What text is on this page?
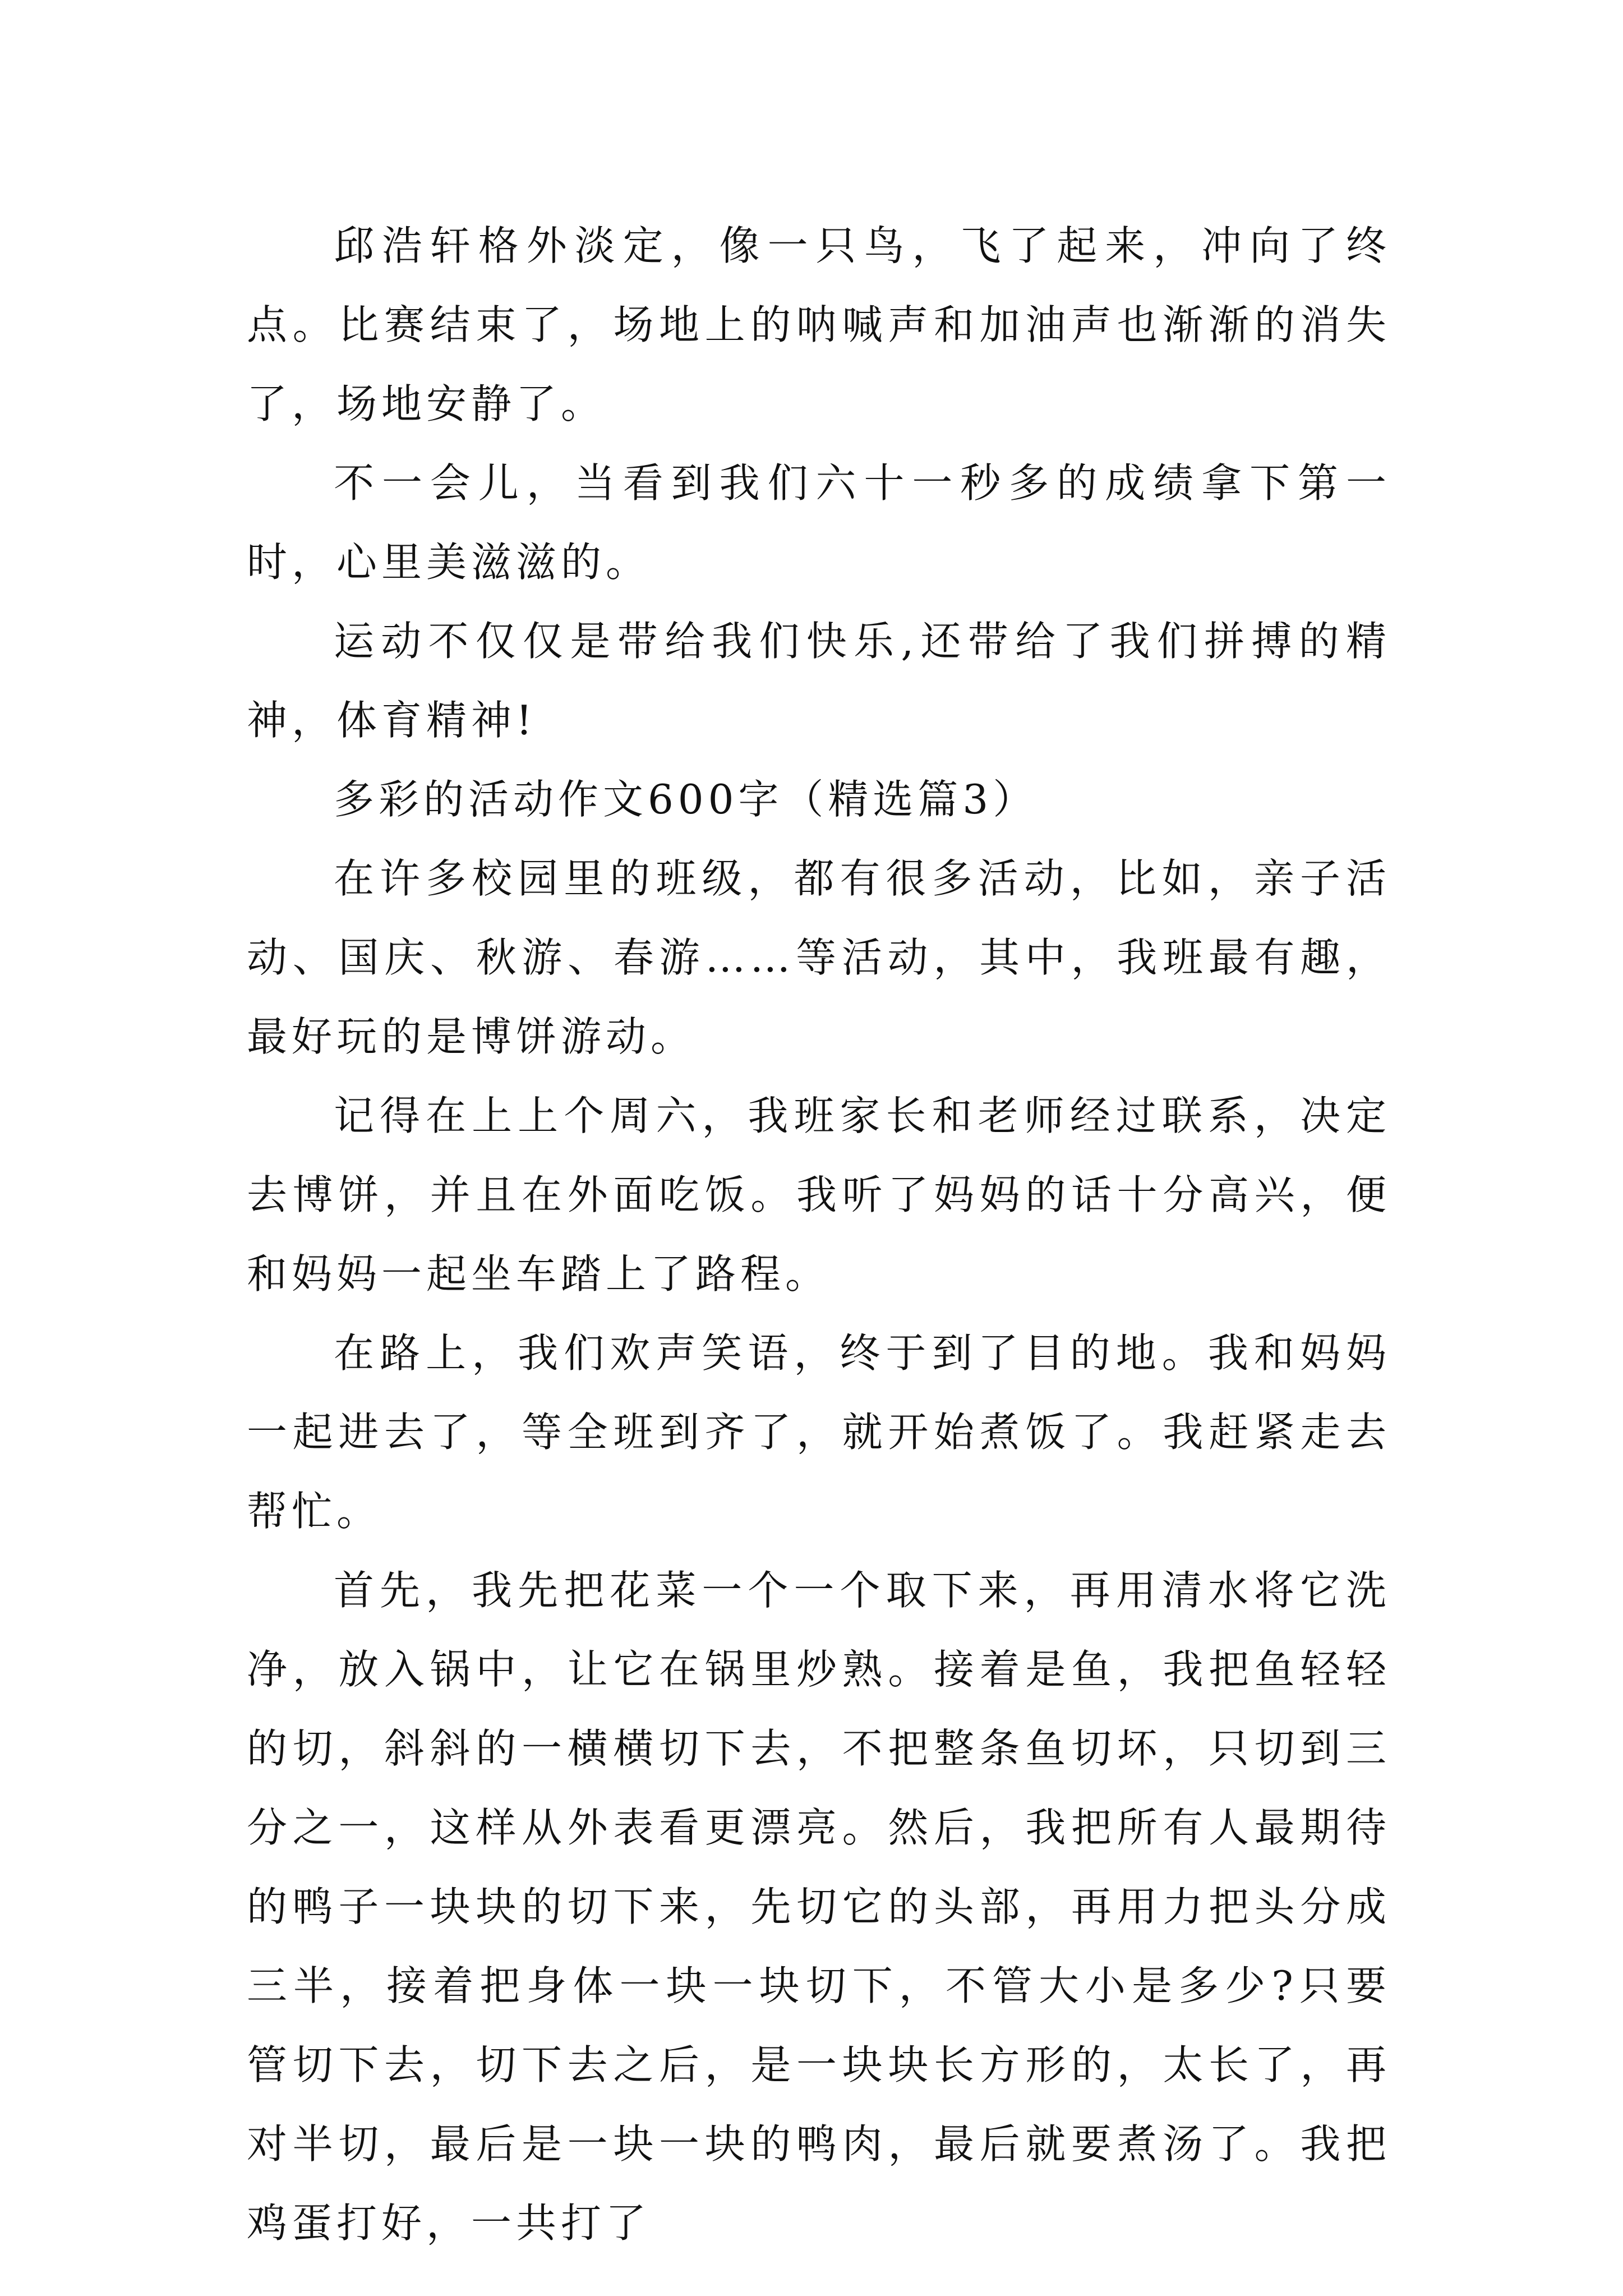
邱浩轩格外淡定，像一只鸟，飞了起来，冲向了终点。比赛结束了，场地上的呐喊声和加油声也渐渐的消失了，场地安静了。

不一会儿，当看到我们六十一秒多的成绩拿下第一时，心里美滋滋的。

运动不仅仅是带给我们快乐,还带给了我们拼搏的精神，体育精神!

多彩的活动作文600字（精选篇3）

在许多校园里的班级，都有很多活动，比如，亲子活动、国庆、秋游、春游……等活动，其中，我班最有趣，最好玩的是博饼游动。

记得在上上个周六，我班家长和老师经过联系，决定去博饼，并且在外面吃饭。我听了妈妈的话十分高兴，便和妈妈一起坐车踏上了路程。

在路上，我们欢声笑语，终于到了目的地。我和妈妈一起进去了，等全班到齐了，就开始煮饭了。我赶紧走去帮忙。

首先，我先把花菜一个一个取下来，再用清水将它洗净，放入锅中，让它在锅里炒熟。接着是鱼，我把鱼轻轻的切，斜斜的一横横切下去，不把整条鱼切坏，只切到三分之一，这样从外表看更漂亮。然后，我把所有人最期待的鸭子一块块的切下来，先切它的头部，再用力把头分成三半，接着把身体一块一块切下，不管大小是多少?只要管切下去，切下去之后，是一块块长方形的，太长了，再对半切，最后是一块一块的鸭肉，最后就要煮汤了。我把鸡蛋打好，一共打了
